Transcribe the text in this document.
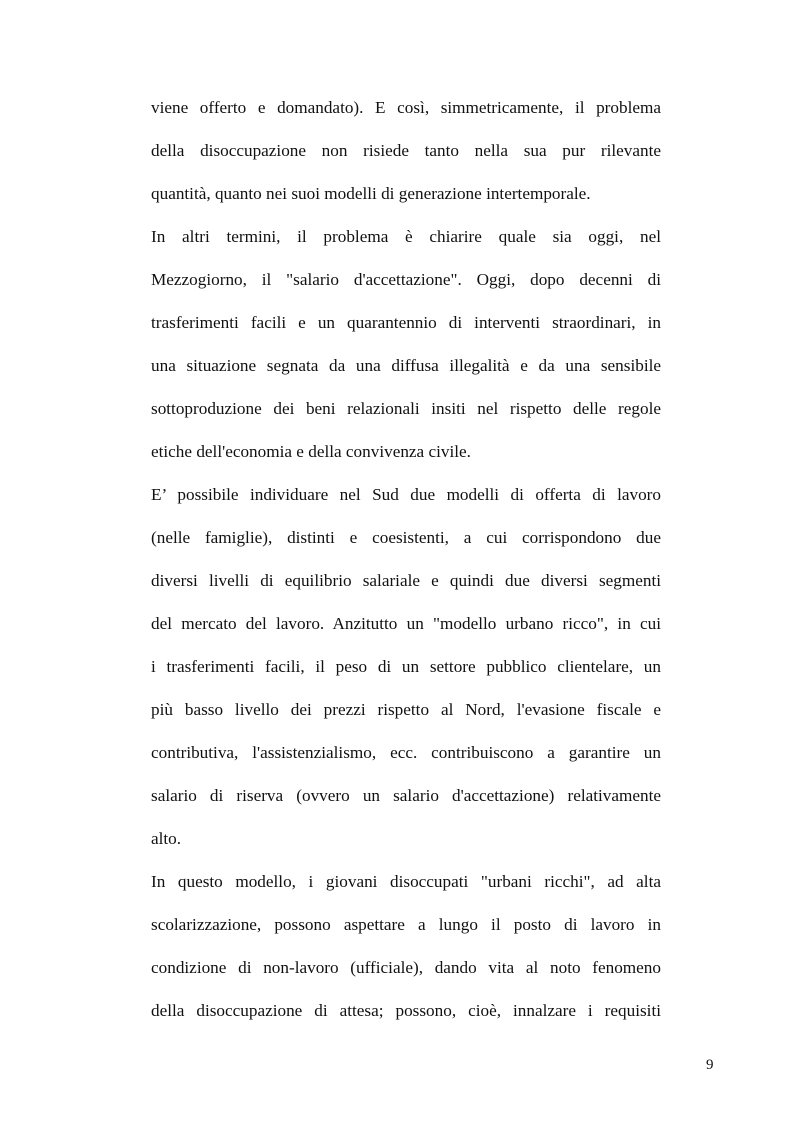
viene offerto e domandato). E così, simmetricamente, il problema
della disoccupazione non risiede tanto nella sua pur rilevante
quantità, quanto nei suoi modelli di generazione intertemporale.
In altri termini, il problema è chiarire quale sia oggi, nel
Mezzogiorno, il "salario d'accettazione". Oggi, dopo decenni di
trasferimenti facili e un quarantennio di interventi straordinari, in
una situazione segnata da una diffusa illegalità e da una sensibile
sottoproduzione dei beni relazionali insiti nel rispetto delle regole
etiche dell'economia e della convivenza civile.
E’ possibile individuare nel Sud due modelli di offerta di lavoro
(nelle famiglie), distinti e coesistenti, a cui corrispondono due
diversi livelli di equilibrio salariale e quindi due diversi segmenti
del mercato del lavoro. Anzitutto un "modello urbano ricco", in cui
i trasferimenti facili, il peso di un settore pubblico clientelare, un
più basso livello dei prezzi rispetto al Nord, l'evasione fiscale e
contributiva, l'assistenzialismo, ecc. contribuiscono a garantire un
salario di riserva (ovvero un salario d'accettazione) relativamente
alto.
In questo modello, i giovani disoccupati "urbani ricchi", ad alta
scolarizzazione, possono aspettare a lungo il posto di lavoro in
condizione di non-lavoro (ufficiale), dando vita al noto fenomeno
della disoccupazione di attesa; possono, cioè, innalzare i requisiti
9
